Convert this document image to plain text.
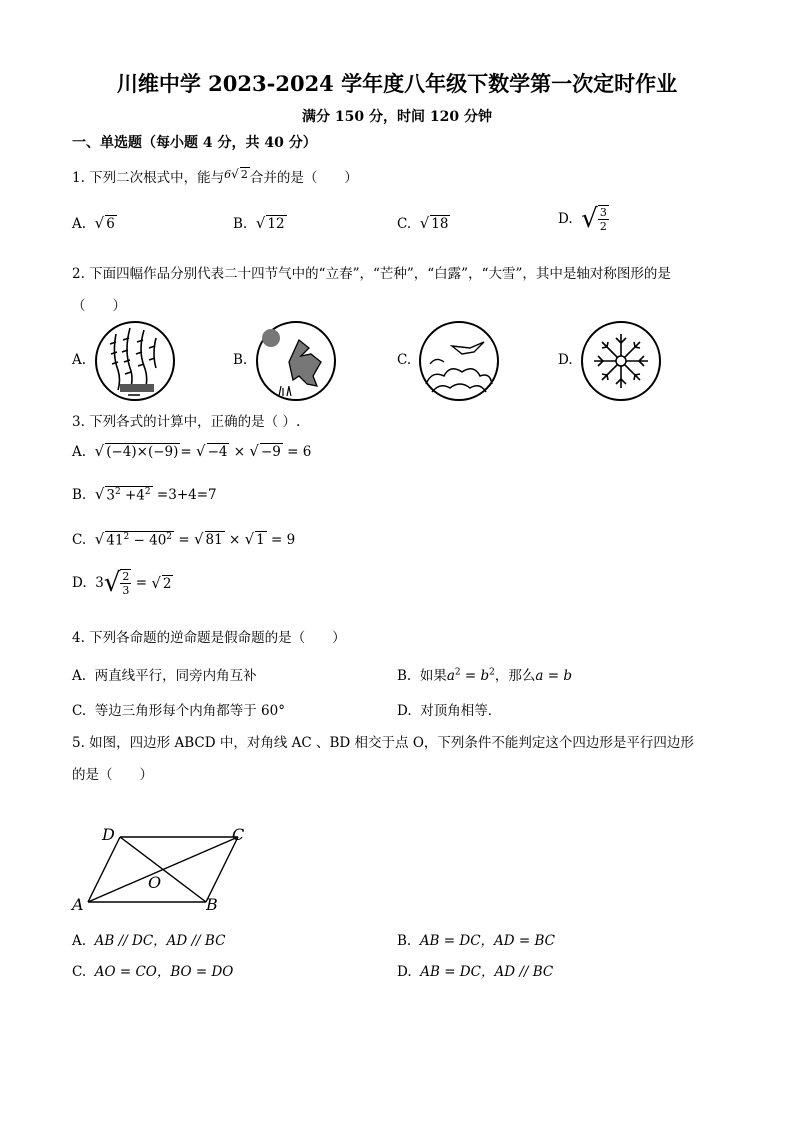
川维中学 2023-2024 学年度八年级下数学第一次定时作业
满分 150 分，时间 120 分钟
一、单选题（每小题 4 分，共 40 分）
1. 下列二次根式中，能与$^6$√ 2 合并的是（　　）
A. √ 6	B. √ 12	C. √ 18	D. √ $\frac{3}{2}$
2. 下面四幅作品分别代表二十四节气中的“立春”，“芒种”，“白露”，“大雪”，其中是轴对称图形的是
（　　）
A.	B.	C.	D.
3. 下列各式的计算中，正确的是（ ）.
A. √ (−4)×(−9) = √ −4 × √ −9 = 6
B. √ $3^2 +4^2 =3+4=7$
C. √ $41^2 - 40^2$ = √ 81 × √ 1 = 9
D. $3√ \frac{2}{3}$ = √ 2
4. 下列各命题的逆命题是假命题的是（　　）
A. 两直线平行，同旁内角互补	B. 如果$a^2 = b^2$，那么a = b
C. 等边三角形每个内角都等于 60°	D. 对顶角相等．
5. 如图，四边形 ABCD 中，对角线 AC 、BD 相交于点 O，下列条件不能判定这个四边形是平行四边形
的是（　　）
D	C
A	B
O
A. AB // DC，AD // BC	B. AB = DC，AD = BC
C. AO = CO，BO = DO	D. AB = DC，AD // BC
